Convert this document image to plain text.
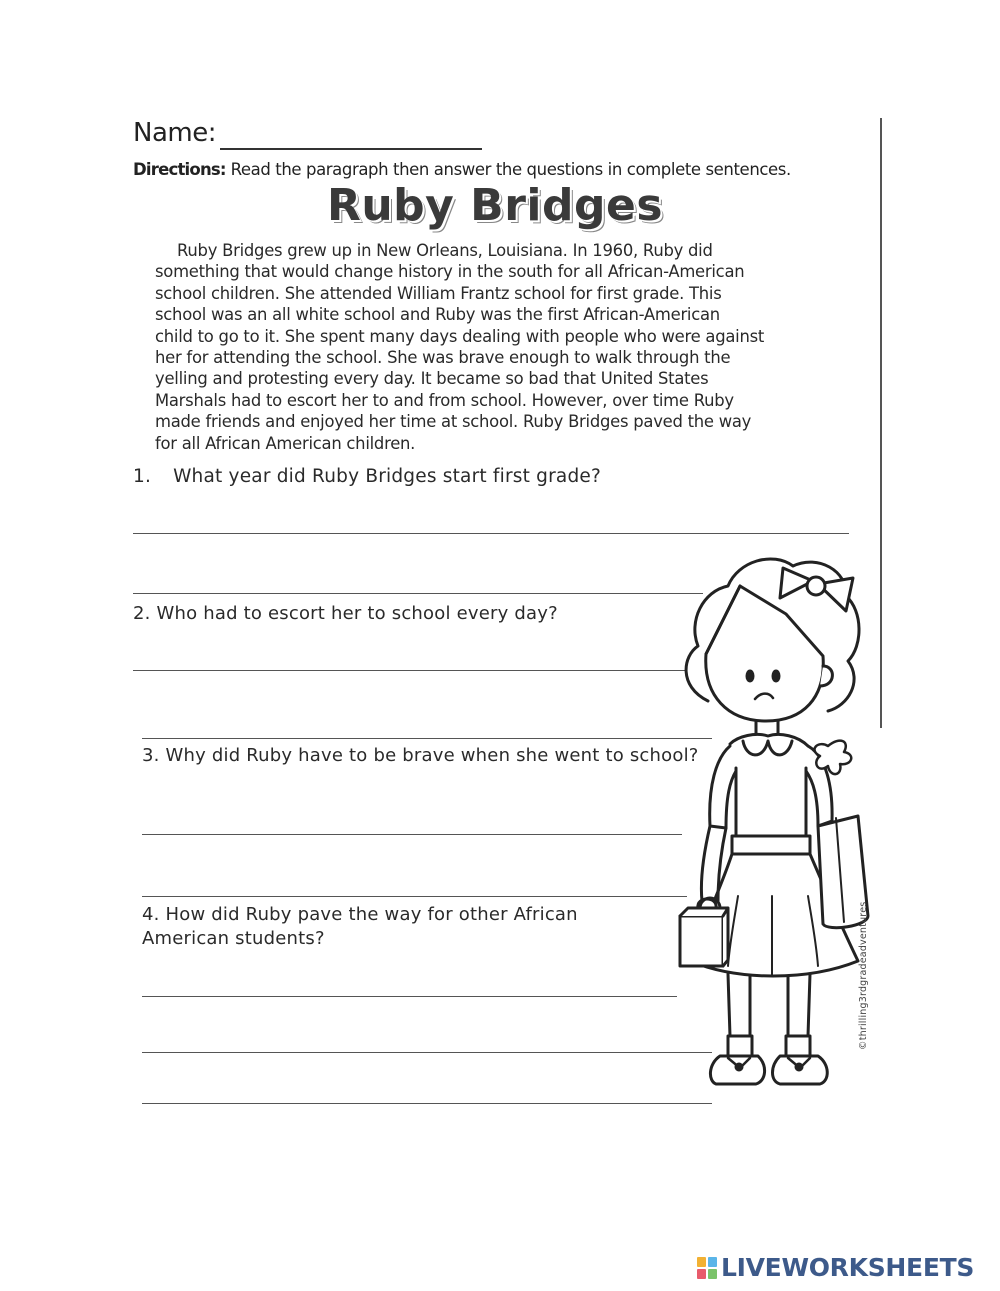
Name:
Directions: Read the paragraph then answer the questions in complete sentences.
Ruby Bridges
Ruby Bridges grew up in New Orleans, Louisiana. In 1960, Ruby did
something that would change history in the south for all African-American
school children. She attended William Frantz school for first grade. This
school was an all white school and Ruby was the first African-American
child to go to it. She spent many days dealing with people who were against
her for attending the school. She was brave enough to walk through the
yelling and protesting every day. It became so bad that United States
Marshals had to escort her to and from school. However, over time Ruby
made friends and enjoyed her time at school. Ruby Bridges paved the way
for all African American children.
1. What year did Ruby Bridges start first grade?
2. Who had to escort her to school every day?
3. Why did Ruby have to be brave when she went to school?
4. How did Ruby pave the way for other African American students?	©thrilling3rdgradeadventures
LIVEWORKSHEETS
